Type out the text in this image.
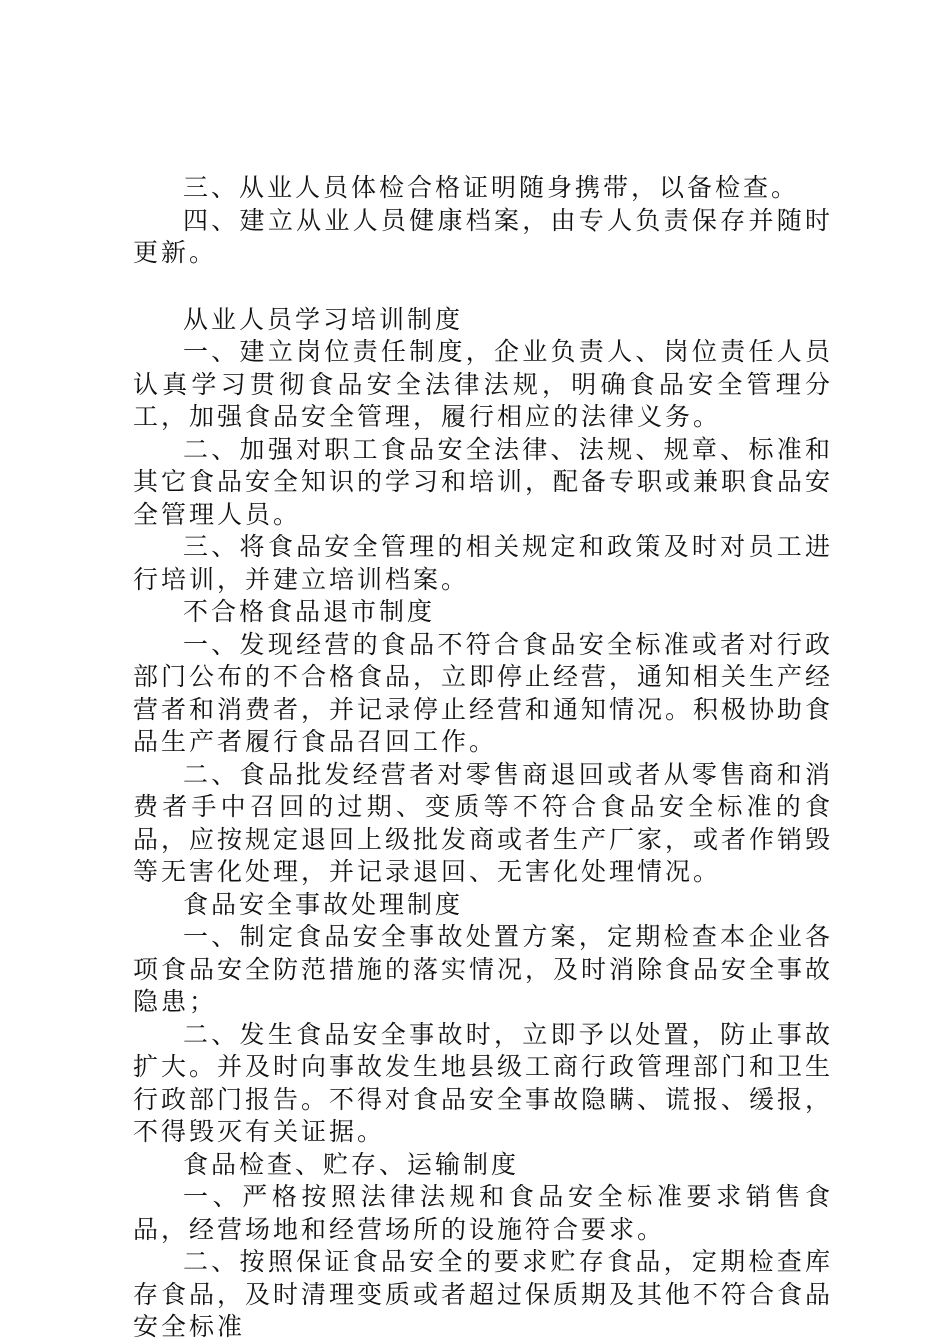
三、从业人员体检合格证明随身携带，以备检查。

四、建立从业人员健康档案，由专人负责保存并随时更新。

从业人员学习培训制度

一、建立岗位责任制度，企业负责人、岗位责任人员认真学习贯彻食品安全法律法规，明确食品安全管理分工，加强食品安全管理，履行相应的法律义务。

二、加强对职工食品安全法律、法规、规章、标准和其它食品安全知识的学习和培训，配备专职或兼职食品安全管理人员。

三、将食品安全管理的相关规定和政策及时对员工进行培训，并建立培训档案。

不合格食品退市制度

一、发现经营的食品不符合食品安全标准或者对行政部门公布的不合格食品，立即停止经营，通知相关生产经营者和消费者，并记录停止经营和通知情况。积极协助食品生产者履行食品召回工作。

二、食品批发经营者对零售商退回或者从零售商和消费者手中召回的过期、变质等不符合食品安全标准的食品，应按规定退回上级批发商或者生产厂家，或者作销毁等无害化处理，并记录退回、无害化处理情况。

食品安全事故处理制度

一、制定食品安全事故处置方案，定期检查本企业各项食品安全防范措施的落实情况，及时消除食品安全事故隐患；

二、发生食品安全事故时，立即予以处置，防止事故扩大。并及时向事故发生地县级工商行政管理部门和卫生行政部门报告。不得对食品安全事故隐瞒、谎报、缓报，不得毁灭有关证据。

食品检查、贮存、运输制度

一、严格按照法律法规和食品安全标准要求销售食品，经营场地和经营场所的设施符合要求。

二、按照保证食品安全的要求贮存食品，定期检查库存食品，及时清理变质或者超过保质期及其他不符合食品安全标准
